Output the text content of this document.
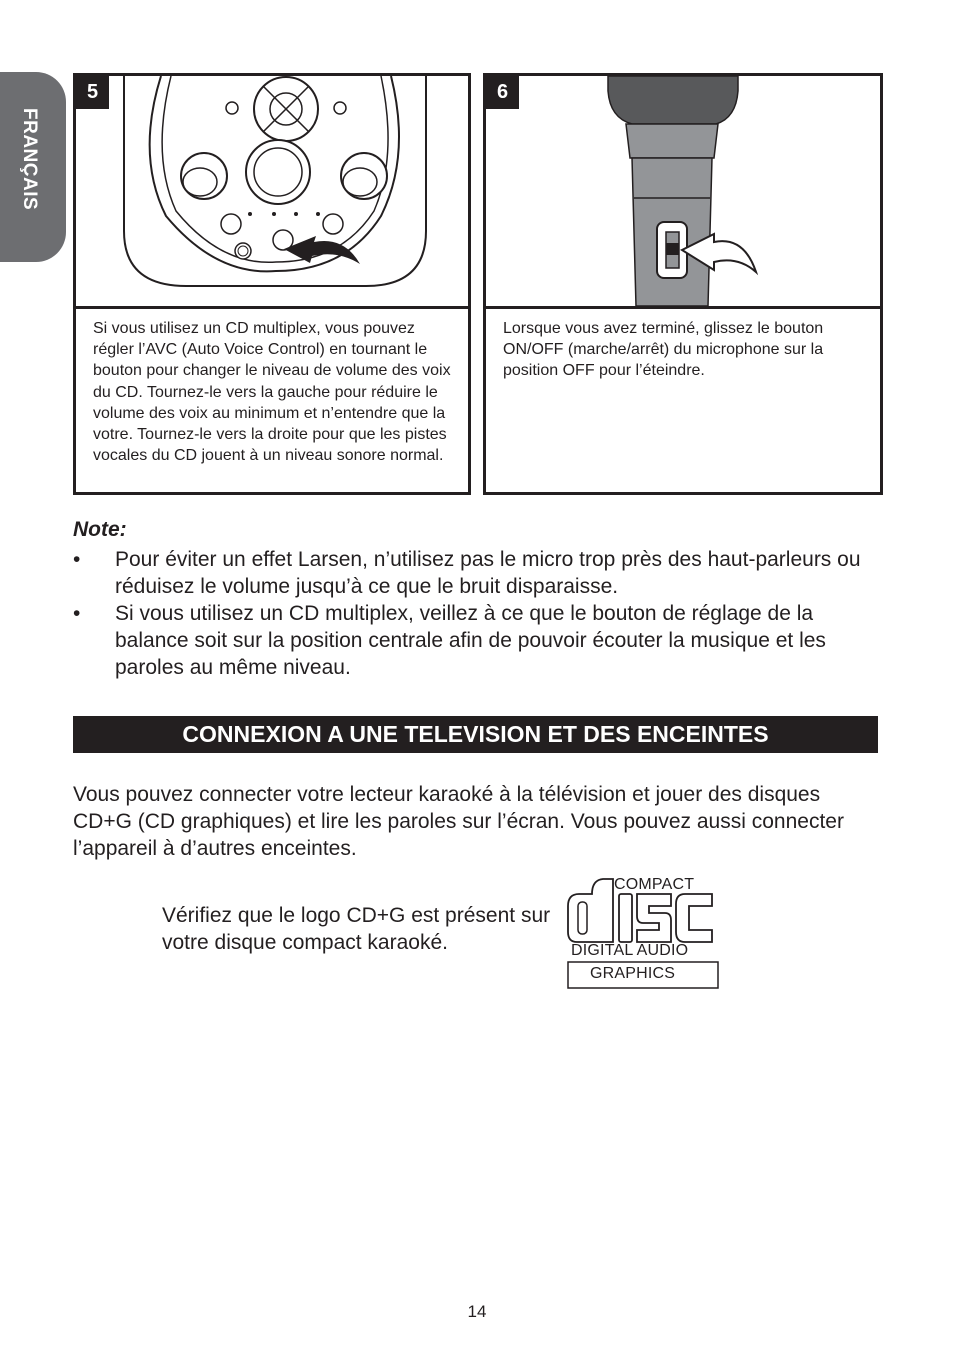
FRANÇAIS
5

Si vous utilisez un CD multiplex, vous pouvez régler l’AVC (Auto Voice Control) en tournant le bouton pour changer le niveau de volume des voix du CD. Tournez-le vers la gauche pour réduire le volume des voix au minimum et n’entendre que la votre. Tournez-le vers la droite pour que les pistes vocales du CD jouent à un niveau sonore normal.

6

Lorsque vous avez terminé, glissez le bouton ON/OFF (marche/arrêt) du microphone sur la position OFF pour l’éteindre.

Note:

• Pour éviter un effet Larsen, n’utilisez pas le micro trop près des haut-parleurs ou réduisez le volume jusqu’à ce que le bruit disparaisse.
• Si vous utilisez un CD multiplex, veillez à ce que le bouton de réglage de la balance soit sur la position centrale afin de pouvoir écouter la musique et les paroles au même niveau.
CONNEXION A UNE TELEVISION ET DES ENCEINTES

Vous pouvez connecter votre lecteur karaoké à la télévision et jouer des disques CD+G (CD graphiques) et lire les paroles sur l’écran. Vous pouvez aussi connecter l’appareil à d’autres enceintes.

Vérifiez que le logo CD+G est présent sur votre disque compact karaoké.

COMPACT
DIGITAL AUDIO
GRAPHICS

14
